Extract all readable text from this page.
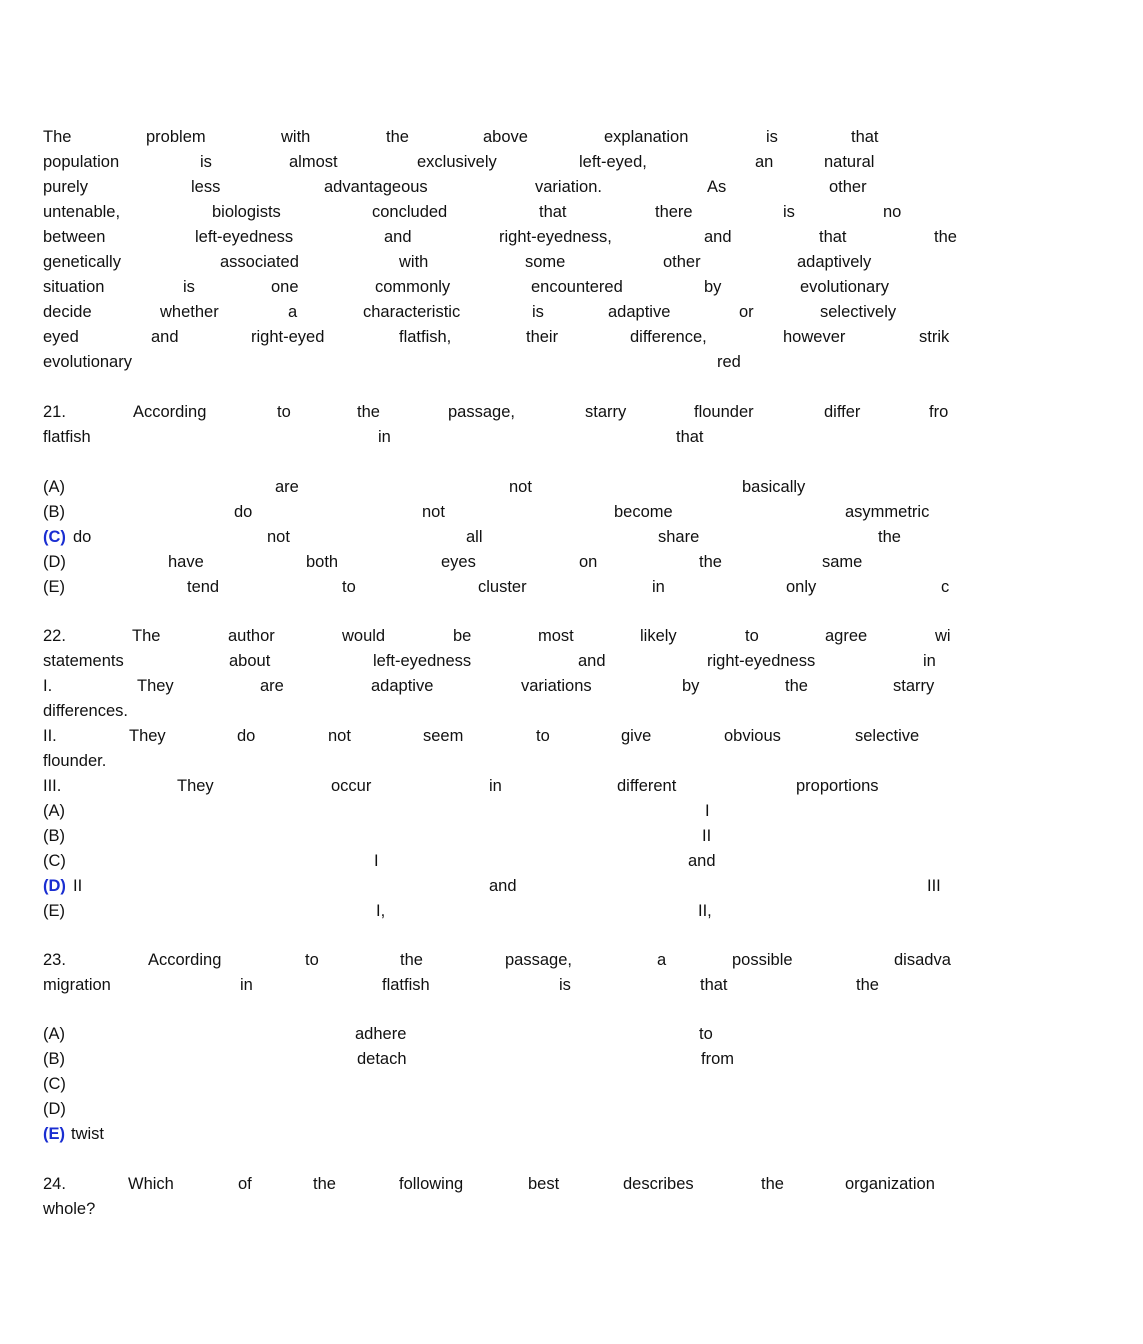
The	problem	with	the	above	explanation	is	that
population	is	almost	exclusively	left-eyed,	an	natural
purely	less	advantageous	variation.	As	other
untenable,	biologists	concluded	that	there	is	no
between	left-eyedness	and	right-eyedness,	and	that	the
genetically	associated	with	some	other	adaptively
situation	is	one	commonly	encountered	by	evolutionary
decide	whether	a	characteristic	is	adaptive	or	selectively
eyed	and	right-eyed	flatfish,	their	difference,	however	strik
evolutionary	red
21.	According	to	the	passage,	starry	flounder	differ	fro
flatfish	in	that
(A)	are	not	basically
(B)	do	not	become	asymmetric
(C) do	not	all	share	the
(D)	have	both	eyes	on	the	same
(E)	tend	to	cluster	in	only	c
22.	The	author	would	be	most	likely	to	agree	wi
statements	about	left-eyedness	and	right-eyedness	in
I.	They	are	adaptive	variations	by	the	starry
differences.
II.	They	do	not	seem	to	give	obvious	selective
flounder.
III.	They	occur	in	different	proportions
(A)	I
(B)	II
(C)	I	and
(D) II	and	III
(E)	I,	II,
23.	According	to	the	passage,	a	possible	disadva
migration	in	flatfish	is	that	the
(A)	adhere	to
(B)	detach	from
(C)
(D)
(E) twist
24.	Which	of	the	following	best	describes	the	organization
whole?
